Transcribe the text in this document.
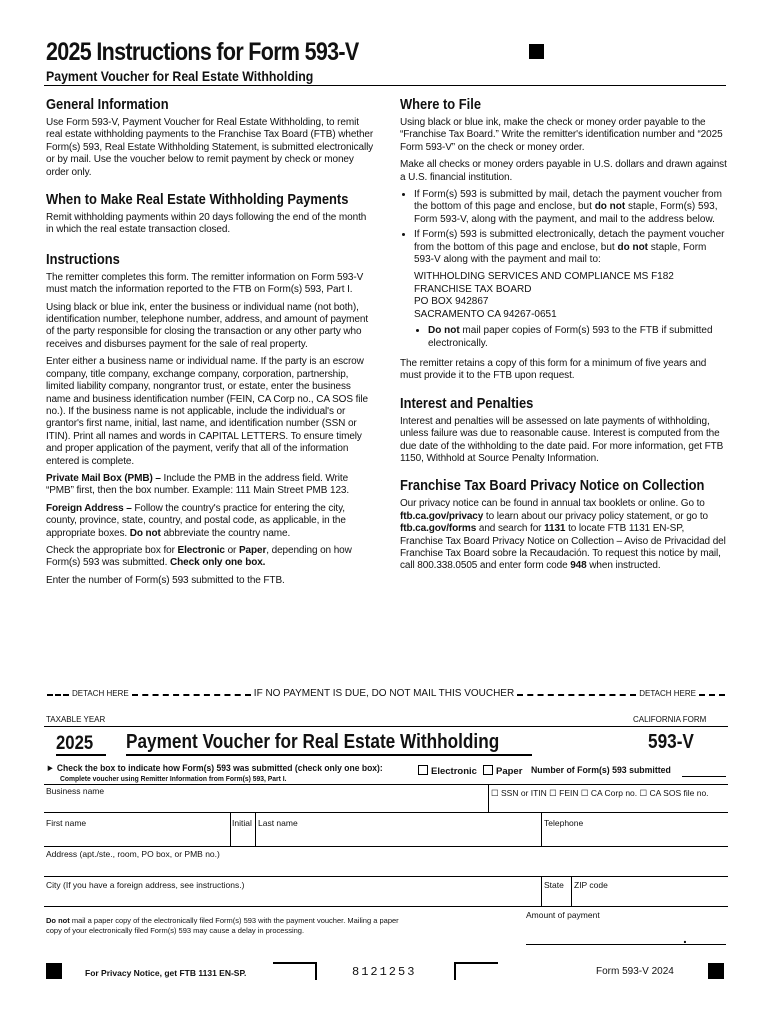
2025 Instructions for Form 593-V
Payment Voucher for Real Estate Withholding
General Information

Use Form 593-V, Payment Voucher for Real Estate Withholding, to remit real estate withholding payments to the Franchise Tax Board (FTB) whether Form(s) 593, Real Estate Withholding Statement, is submitted electronically or by mail. Use the voucher below to remit payment by check or money order only.

When to Make Real Estate Withholding Payments

Remit withholding payments within 20 days following the end of the month in which the real estate transaction closed.

Instructions

The remitter completes this form. The remitter information on Form 593-V must match the information reported to the FTB on Form(s) 593, Part I.

Using black or blue ink, enter the business or individual name (not both), identification number, telephone number, address, and amount of payment of the party responsible for closing the transaction or any other party who receives and disburses payment for the sale of real property.

Enter either a business name or individual name. If the party is an escrow company, title company, exchange company, corporation, partnership, limited liability company, nongrantor trust, or estate, enter the business name and business identification number (FEIN, CA Corp no., CA SOS file no.). If the business name is not applicable, include the individual's or grantor's first name, initial, last name, and identification number (SSN or ITIN). Print all names and words in CAPITAL LETTERS. To ensure timely and proper application of the payment, verify that all of the information entered is complete.

Private Mail Box (PMB) – Include the PMB in the address field. Write “PMB” first, then the box number. Example: 111 Main Street PMB 123.

Foreign Address – Follow the country's practice for entering the city, county, province, state, country, and postal code, as applicable, in the appropriate boxes. Do not abbreviate the country name.

Check the appropriate box for Electronic or Paper, depending on how Form(s) 593 was submitted. Check only one box.

Enter the number of Form(s) 593 submitted to the FTB.

Where to File

Using black or blue ink, make the check or money order payable to the “Franchise Tax Board.” Write the remitter's identification number and “2025 Form 593-V” on the check or money order.

Make all checks or money orders payable in U.S. dollars and drawn against a U.S. financial institution.

• If Form(s) 593 is submitted by mail, detach the payment voucher from the bottom of this page and enclose, but do not staple, Form(s) 593, Form 593-V, along with the payment, and mail to the address below.
• If Form(s) 593 is submitted electronically, detach the payment voucher from the bottom of this page and enclose, but do not staple, Form 593-V along with the payment and mail to:
WITHHOLDING SERVICES AND COMPLIANCE MS F182
FRANCHISE TAX BOARD
PO BOX 942867
SACRAMENTO CA 94267-0651
• Do not mail paper copies of Form(s) 593 to the FTB if submitted electronically.

The remitter retains a copy of this form for a minimum of five years and must provide it to the FTB upon request.

Interest and Penalties

Interest and penalties will be assessed on late payments of withholding, unless failure was due to reasonable cause. Interest is computed from the due date of the withholding to the date paid. For more information, get FTB 1150, Withhold at Source Penalty Information.

Franchise Tax Board Privacy Notice on Collection

Our privacy notice can be found in annual tax booklets or online. Go to ftb.ca.gov/privacy to learn about our privacy policy statement, or go to ftb.ca.gov/forms and search for 1131 to locate FTB 1131 EN-SP, Franchise Tax Board Privacy Notice on Collection – Aviso de Privacidad del Franchise Tax Board sobre la Recaudación. To request this notice by mail, call 800.338.0505 and enter form code 948 when instructed.

DETACH HERE	IF NO PAYMENT IS DUE, DO NOT MAIL THIS VOUCHER	DETACH HERE
TAXABLE YEAR	CALIFORNIA FORM
2025 Payment Voucher for Real Estate Withholding	593-V
► Check the box to indicate how Form(s) 593 was submitted (check only one box):
Complete voucher using Remitter Information from Form(s) 593, Part I.
Electronic	Paper Number of Form(s) 593 submitted
Business name	☐ SSN or ITIN ☐ FEIN ☐ CA Corp no. ☐ CA SOS file no.
First name	Initial Last name	Telephone
Address (apt./ste., room, PO box, or PMB no.)
City (If you have a foreign address, see instructions.)	State ZIP code
Do not mail a paper copy of the electronically filed Form(s) 593 with the payment voucher. Mailing a paper copy of your electronically filed Form(s) 593 may cause a delay in processing.
Amount of payment
.
For Privacy Notice, get FTB 1131 EN-SP.	8121253	Form 593-V 2024
